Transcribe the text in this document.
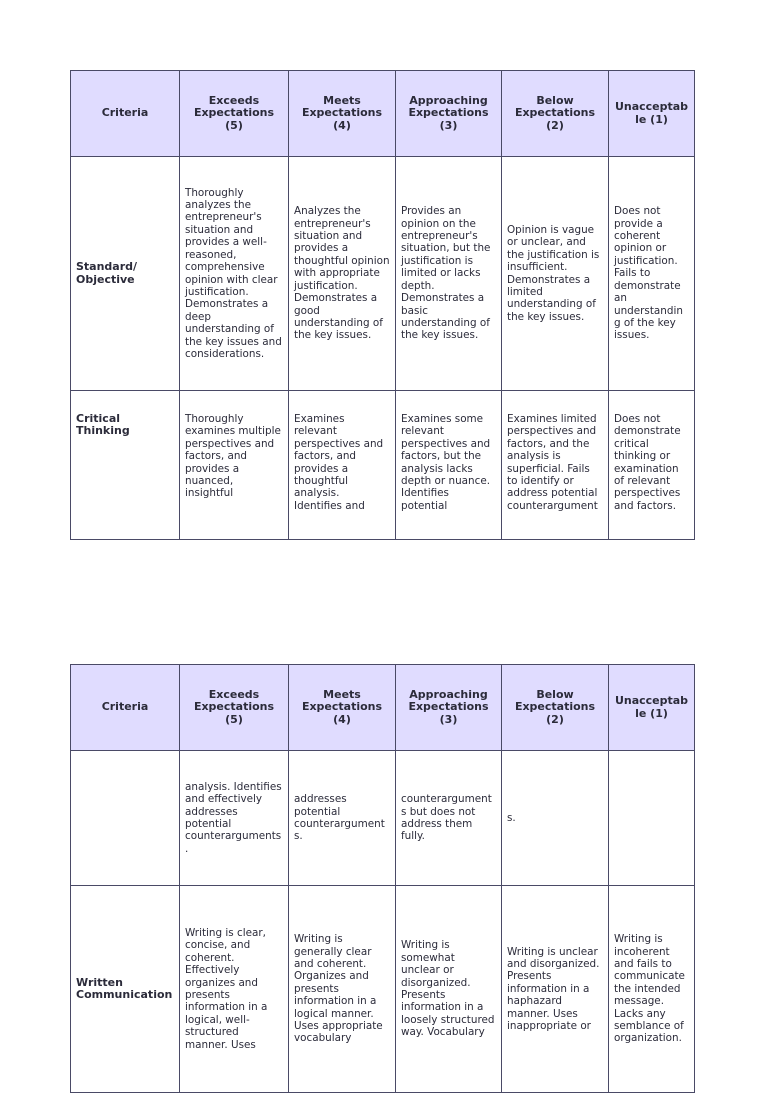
Criteria	Exceeds Expectations (5)	Meets Expectations (4)	Approaching Expectations (3)	Below Expectations (2)	Unacceptable (1)
Standard/ Objective	Thoroughly analyzes the entrepreneur's situation and provides a well-reasoned, comprehensive opinion with clear justification. Demonstrates a deep understanding of the key issues and considerations.	Analyzes the entrepreneur's situation and provides a thoughtful opinion with appropriate justification. Demonstrates a good understanding of the key issues.	Provides an opinion on the entrepreneur's situation, but the justification is limited or lacks depth. Demonstrates a basic understanding of the key issues.	Opinion is vague or unclear, and the justification is insufficient. Demonstrates a limited understanding of the key issues.	Does not provide a coherent opinion or justification. Fails to demonstrate an understanding of the key issues.
Critical Thinking	Thoroughly examines multiple perspectives and factors, and provides a nuanced, insightful	Examines relevant perspectives and factors, and provides a thoughtful analysis. Identifies and	Examines some relevant perspectives and factors, but the analysis lacks depth or nuance. Identifies potential	Examines limited perspectives and factors, and the analysis is superficial. Fails to identify or address potential counterargument	Does not demonstrate critical thinking or examination of relevant perspectives and factors.
Criteria	Exceeds Expectations (5)	Meets Expectations (4)	Approaching Expectations (3)	Below Expectations (2)	Unacceptable (1)
	analysis. Identifies and effectively addresses potential counterarguments.	addresses potential counterarguments.	counterarguments but does not address them fully.	s.	
Written Communication	Writing is clear, concise, and coherent. Effectively organizes and presents information in a logical, well-structured manner. Uses	Writing is generally clear and coherent. Organizes and presents information in a logical manner. Uses appropriate vocabulary	Writing is somewhat unclear or disorganized. Presents information in a loosely structured way. Vocabulary	Writing is unclear and disorganized. Presents information in a haphazard manner. Uses inappropriate or	Writing is incoherent and fails to communicate the intended message. Lacks any semblance of organization.
